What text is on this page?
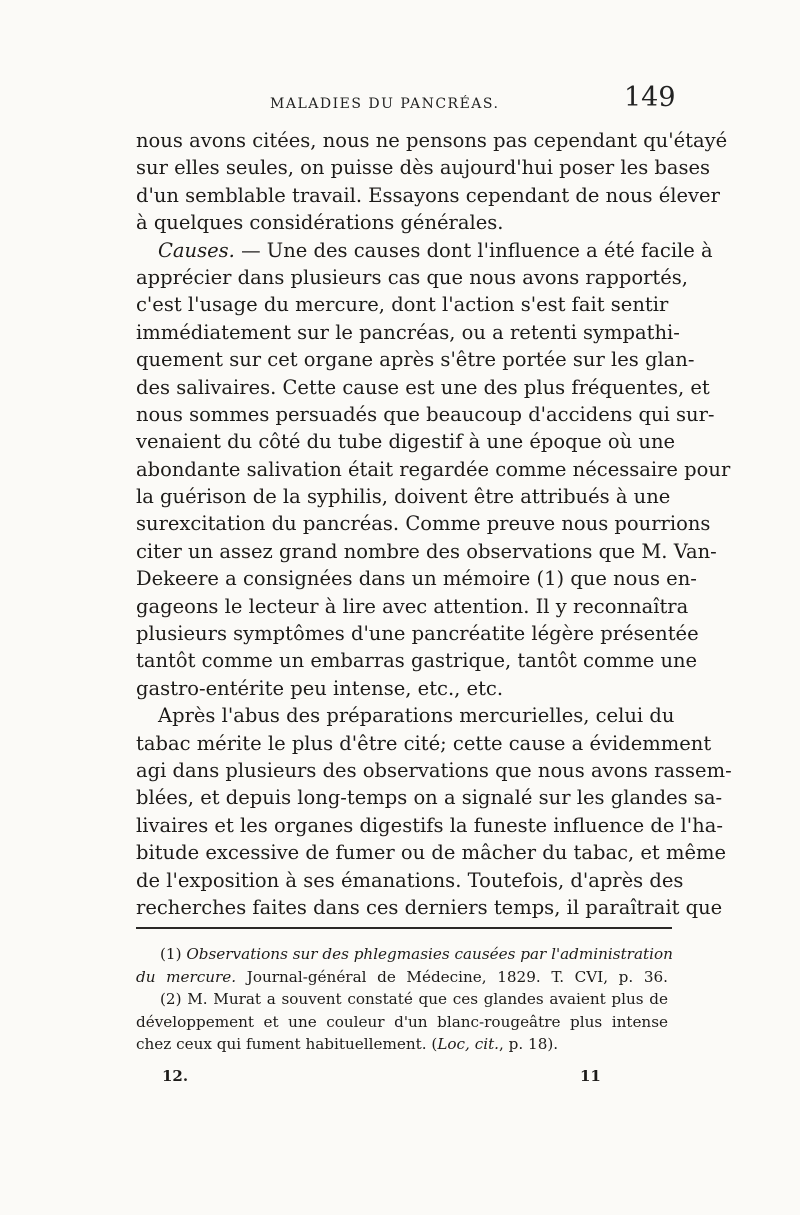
MALADIES DU PANCRÉAS.	149
nous avons citées, nous ne pensons pas cependant qu'étayé
sur elles seules, on puisse dès aujourd'hui poser les bases
d'un semblable travail. Essayons cependant de nous élever
à quelques considérations générales.
Causes. — Une des causes dont l'influence a été facile à
apprécier dans plusieurs cas que nous avons rapportés,
c'est l'usage du mercure, dont l'action s'est fait sentir
immédiatement sur le pancréas, ou a retenti sympathi-
quement sur cet organe après s'être portée sur les glan-
des salivaires. Cette cause est une des plus fréquentes, et
nous sommes persuadés que beaucoup d'accidens qui sur-
venaient du côté du tube digestif à une époque où une
abondante salivation était regardée comme nécessaire pour
la guérison de la syphilis, doivent être attribués à une
surexcitation du pancréas. Comme preuve nous pourrions
citer un assez grand nombre des observations que M. Van-
Dekeere a consignées dans un mémoire (1) que nous en-
gageons le lecteur à lire avec attention. Il y reconnaîtra
plusieurs symptômes d'une pancréatite légère présentée
tantôt comme un embarras gastrique, tantôt comme une
gastro-entérite peu intense, etc., etc.
Après l'abus des préparations mercurielles, celui du
tabac mérite le plus d'être cité; cette cause a évidemment
agi dans plusieurs des observations que nous avons rassem-
blées, et depuis long-temps on a signalé sur les glandes sa-
livaires et les organes digestifs la funeste influence de l'ha-
bitude excessive de fumer ou de mâcher du tabac, et même
de l'exposition à ses émanations. Toutefois, d'après des
recherches faites dans ces derniers temps, il paraîtrait que
(1) Observations sur des phlegmasies causées par l'administration
du mercure. Journal-général de Médecine, 1829. T. CVI, p. 36.
(2) M. Murat a souvent constaté que ces glandes avaient plus de
développement et une couleur d'un blanc-rougeâtre plus intense
chez ceux qui fument habituellement. (Loc, cit., p. 18).
12.	11
